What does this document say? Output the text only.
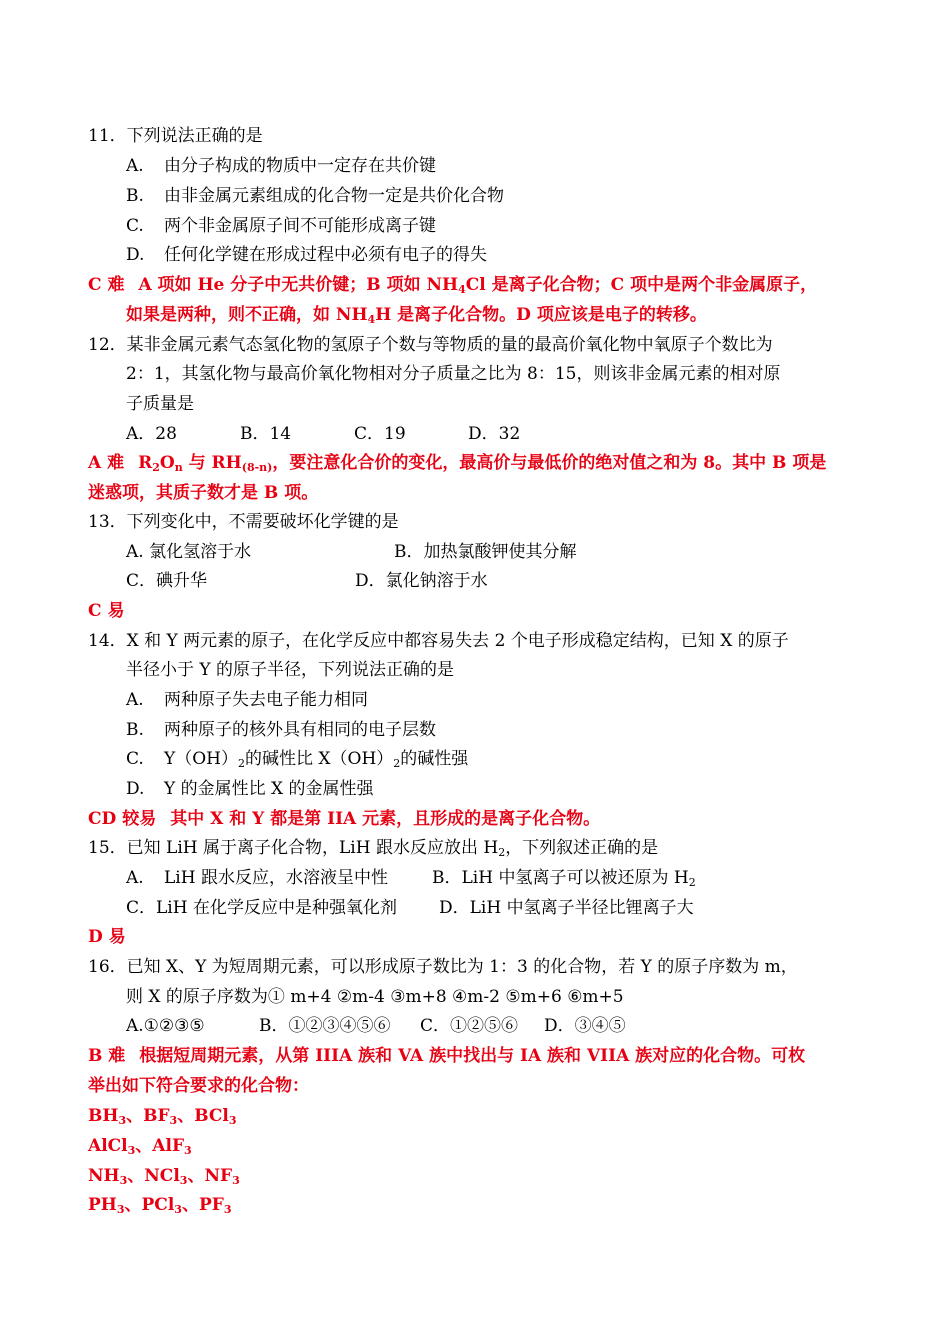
11．下列说法正确的是
A. 由分子构成的物质中一定存在共价键
B. 由非金属元素组成的化合物一定是共价化合物
C. 两个非金属原子间不可能形成离子键
D. 任何化学键在形成过程中必须有电子的得失
C 难 A 项如 He 分子中无共价键；B 项如 $NH_4Cl$ 是离子化合物；C 项中是两个非金属原子，
如果是两种，则不正确，如 $NH_4H$ 是离子化合物。D 项应该是电子的转移。
12．某非金属元素气态氢化物的氢原子个数与等物质的量的最高价氧化物中氧原子个数比为
2：1，其氢化物与最高价氧化物相对分子质量之比为 8：15，则该非金属元素的相对原
子质量是
A．28	B．14	C．19	D．32
A 难 $R_2O_n$ 与 $RH_{(8-n)}$，要注意化合价的变化，最高价与最低价的绝对值之和为 8。其中 B 项是
迷惑项，其质子数才是 B 项。
13．下列变化中，不需要破坏化学键的是
A. 氯化氢溶于水	B．加热氯酸钾使其分解
C．碘升华	D．氯化钠溶于水
C 易
14．X 和 Y 两元素的原子，在化学反应中都容易失去 2 个电子形成稳定结构，已知 X 的原子
半径小于 Y 的原子半径，下列说法正确的是
A. 两种原子失去电子能力相同
B. 两种原子的核外具有相同的电子层数
C. $Y(OH)_2$的碱性比 $X(OH)_2$的碱性强
D. Y 的金属性比 X 的金属性强
CD 较易 其中 X 和 Y 都是第 IIA 元素，且形成的是离子化合物。
15．已知 LiH 属于离子化合物，LiH 跟水反应放出 $H_2$，下列叙述正确的是
A. LiH 跟水反应，水溶液呈中性	B．LiH 中氢离子可以被还原为 $H_2$
C．LiH 在化学反应中是种强氧化剂 D．LiH 中氢离子半径比锂离子大
D 易
16．已知 X、Y 为短周期元素，可以形成原子数比为 1：3 的化合物，若 Y 的原子序数为 m，
则 X 的原子序数为① m+4 ②m-4 ③m+8 ④m-2 ⑤m+6 ⑥m+5
A.①②③⑤	B．①②③④⑤⑥ C．①②⑤⑥ D．③④⑤
B 难 根据短周期元素，从第 IIIA 族和 VA 族中找出与 IA 族和 VIIA 族对应的化合物。可枚
举出如下符合要求的化合物：
$BH_3$、$BF_3$、BCl$_3$
AlCl$_3$、AlF$_3$
$NH_3$、NCl$_3$、$NF_3$
$PH_3$、PCl$_3$、$PF_3$
